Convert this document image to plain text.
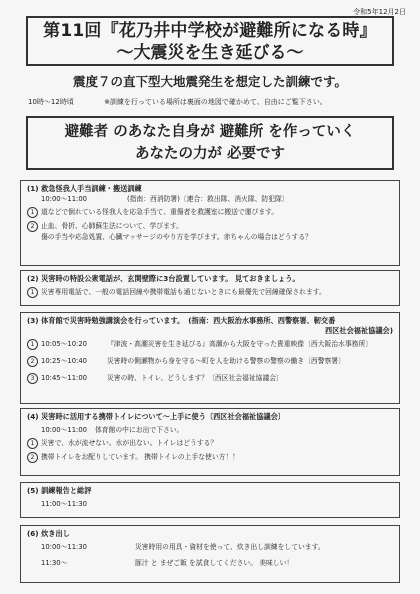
令和5年12月2日
第11回『花乃井中学校が避難所になる時』
～大震災を生き延びる～
震度７の直下型大地震発生を想定した訓練です。
10時～12時頃	※訓練を行っている場所は裏面の地図で確かめて、自由にご覧下さい。
避難者 のあなた自身が 避難所 を作っていく
あなたの力が 必要です
(1) 救急怪我人手当訓練・搬送訓練
10:00～11:00	(指南：西消防署)〔連合：救出隊、消火隊、防犯隊〕
1 道などで倒れている怪我人を応急手当て、重傷者を救護室に搬送で運びます。
2 止血、骨折、心肺蘇生法について、学びます。
傷の手当や応急処置、心臓マッサージのやり方を学びます。赤ちゃんの場合はどうする？
(2) 災害時の特設公衆電話が、玄関壁際に3台設置しています。 見ておきましょう。
1 災害専用電話で、一般の電話回線や携帯電話も通じないときにも最優先で回線確保されます。
(3) 体育館で災害時勉強講演会を行っています。 (指南：西大阪治水事務所、西警察署、靭交番
西区社会福祉協議会)
1 10:05～10:20	『津波・高潮災害を生き延びる』高潮から大阪を守った貴重映像〔西大阪治水事務所〕
2 10:25～10:40	災害時の側瀬物から身を守る～町を人を助ける警察の警察の働き〔西警察署〕
3 10:45～11:00	災害の時、トイレ、どうします？〔西区社会福祉協議会〕
(4) 災害時に活用する携帯トイレについて～上手に使う〔西区社会福祉協議会〕
10:00～11:00	体育館の中にお出で下さい。
1 災害で、水が流せない。水が出ない。トイレはどうする？
2 携帯トイレをお配りしています。 携帯トイレの上手な使い方！！
(5) 訓練報告と総評
11:00～11:30
(6) 炊き出し
10:00～11:30	災害時用の用具・資材を使って、炊き出し訓練をしています。
11:30～	豚汁 と まぜご飯 を試食してください。 美味しい！
